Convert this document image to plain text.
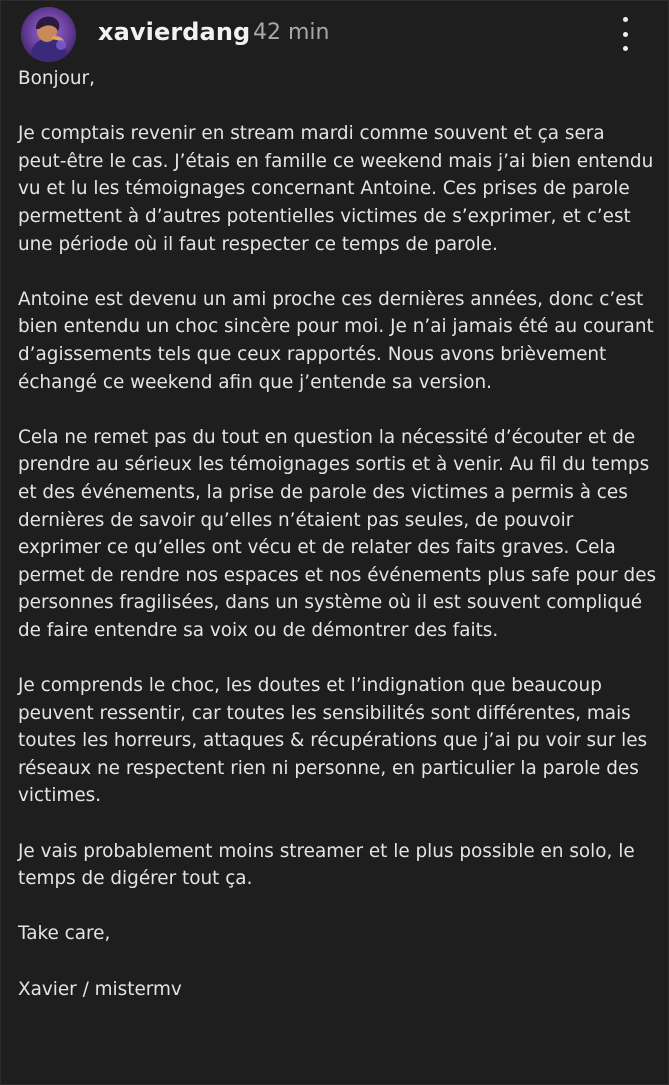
xavierdang 42 min

Bonjour,

Je comptais revenir en stream mardi comme souvent et ça sera peut-être le cas. J’étais en famille ce weekend mais j’ai bien entendu vu et lu les témoignages concernant Antoine. Ces prises de parole permettent à d’autres potentielles victimes de s’exprimer, et c’est une période où il faut respecter ce temps de parole.

Antoine est devenu un ami proche ces dernières années, donc c’est bien entendu un choc sincère pour moi. Je n’ai jamais été au courant d’agissements tels que ceux rapportés. Nous avons brièvement échangé ce weekend afin que j’entende sa version.

Cela ne remet pas du tout en question la nécessité d’écouter et de prendre au sérieux les témoignages sortis et à venir. Au fil du temps et des événements, la prise de parole des victimes a permis à ces dernières de savoir qu’elles n’étaient pas seules, de pouvoir exprimer ce qu’elles ont vécu et de relater des faits graves. Cela permet de rendre nos espaces et nos événements plus safe pour des personnes fragilisées, dans un système où il est souvent compliqué de faire entendre sa voix ou de démontrer des faits.

Je comprends le choc, les doutes et l’indignation que beaucoup peuvent ressentir, car toutes les sensibilités sont différentes, mais toutes les horreurs, attaques & récupérations que j’ai pu voir sur les réseaux ne respectent rien ni personne, en particulier la parole des victimes.

Je vais probablement moins streamer et le plus possible en solo, le temps de digérer tout ça.

Take care,

Xavier / mistermv
